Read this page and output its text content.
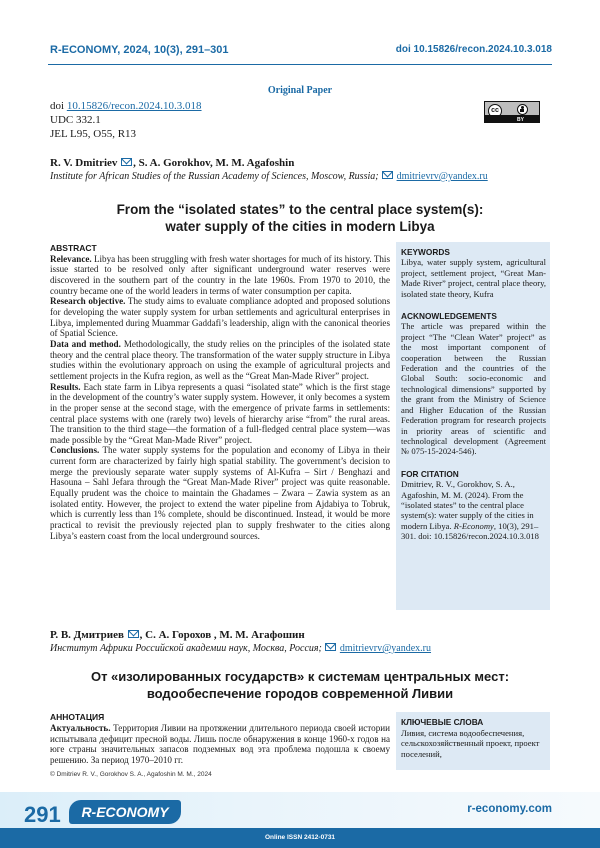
R-ECONOMY, 2024, 10(3), 291–301	doi 10.15826/recon.2024.10.3.018
Original Paper
doi 10.15826/recon.2024.10.3.018
UDC 332.1
JEL L95, O55, R13
cc
BY
R. V. Dmitriev , S. A. Gorokhov, M. M. Agafoshin
Institute for African Studies of the Russian Academy of Sciences, Moscow, Russia;  dmitrievrv@yandex.ru
From the “isolated states” to the central place system(s):
water supply of the cities in modern Libya

ABSTRACT

Relevance. Libya has been struggling with fresh water shortages for much of its history. This issue started to be resolved only after significant underground water reserves were discovered in the southern part of the country in the late 1960s. From 1970 to 2010, the country became one of the world leaders in terms of water consumption per capita.

Research objective. The study aims to evaluate compliance adopted and proposed solutions for developing the water supply system for urban settlements and agricultural enterprises in Libya, implemented during Muammar Gaddafi’s leadership, align with the canonical theories of Spatial Science.

Data and method. Methodologically, the study relies on the principles of the isolated state theory and the central place theory. The transformation of the water supply structure in Libya studies within the evolutionary approach on using the example of agricultural projects and settlement projects in the Kufra region, as well as the “Great Man-Made River” project.

Results. Each state farm in Libya represents a quasi “isolated state” which is the first stage in the development of the country’s water supply system. However, it only becomes a system in the proper sense at the second stage, with the emergence of private farms in settlements: central place systems with one (rarely two) levels of hierarchy arise “from” the rural areas. The transition to the third stage—the formation of a full-fledged central place system—was made possible by the “Great Man-Made River” project.

Conclusions. The water supply systems for the population and economy of Libya in their current form are characterized by fairly high spatial stability. The government’s decision to merge the previously separate water supply systems of Al-Kufra – Sirt / Benghazi and Hasouna – Sahl Jefara through the “Great Man-Made River” project was quite reasonable. Equally prudent was the choice to maintain the Ghadames – Zwara – Zawia system as an isolated entity. However, the project to extend the water pipeline from Ajdabiya to Tobruk, which is currently less than 1% complete, should be discontinued. Instead, it would be more practical to revisit the previously rejected plan to supply freshwater to the cities along Libya’s eastern coast from the local underground sources.

KEYWORDS

Libya, water supply system, agricultural project, settlement project, “Great Man-Made River” project, central place theory, isolated state theory, Kufra

ACKNOWLEDGEMENTS

The article was prepared within the project “The “Clean Water” project” as the most important component of cooperation between the Russian Federation and the countries of the Global South: socio-economic and technological dimensions” supported by the grant from the Ministry of Science and Higher Education of the Russian Federation program for research projects in priority areas of scientific and technological development (Agreement № 075-15-2024-546).

FOR CITATION

Dmitriev, R. V., Gorokhov, S. A., Agafoshin, M. M. (2024). From the “isolated states” to the central place system(s): water supply of the cities in modern Libya. R-Economy, 10(3), 291–301. doi: 10.15826/recon.2024.10.3.018

Р. В. Дмитриев , С. А. Горохов , М. М. Агафошин
Институт Африки Российской академии наук, Москва, Россия;  dmitrievrv@yandex.ru
От «изолированных государств» к системам центральных мест:
водообеспечение городов современной Ливии

АННОТАЦИЯ

Актуальность. Территория Ливии на протяжении длительного периода своей истории испытывала дефицит пресной воды. Лишь после обнаружения в конце 1960-х годов на юге страны значительных запасов подземных вод эта проблема подошла к своему решению. За период 1970–2010 гг.

КЛЮЧЕВЫЕ СЛОВА

Ливия, система водообеспечения, сельскохозяйственный проект, проект поселений,

© Dmitriev R. V., Gorokhov S. A., Agafoshin M. M., 2024
291	R-ECONOMY	r-economy.com
Online ISSN 2412-0731
